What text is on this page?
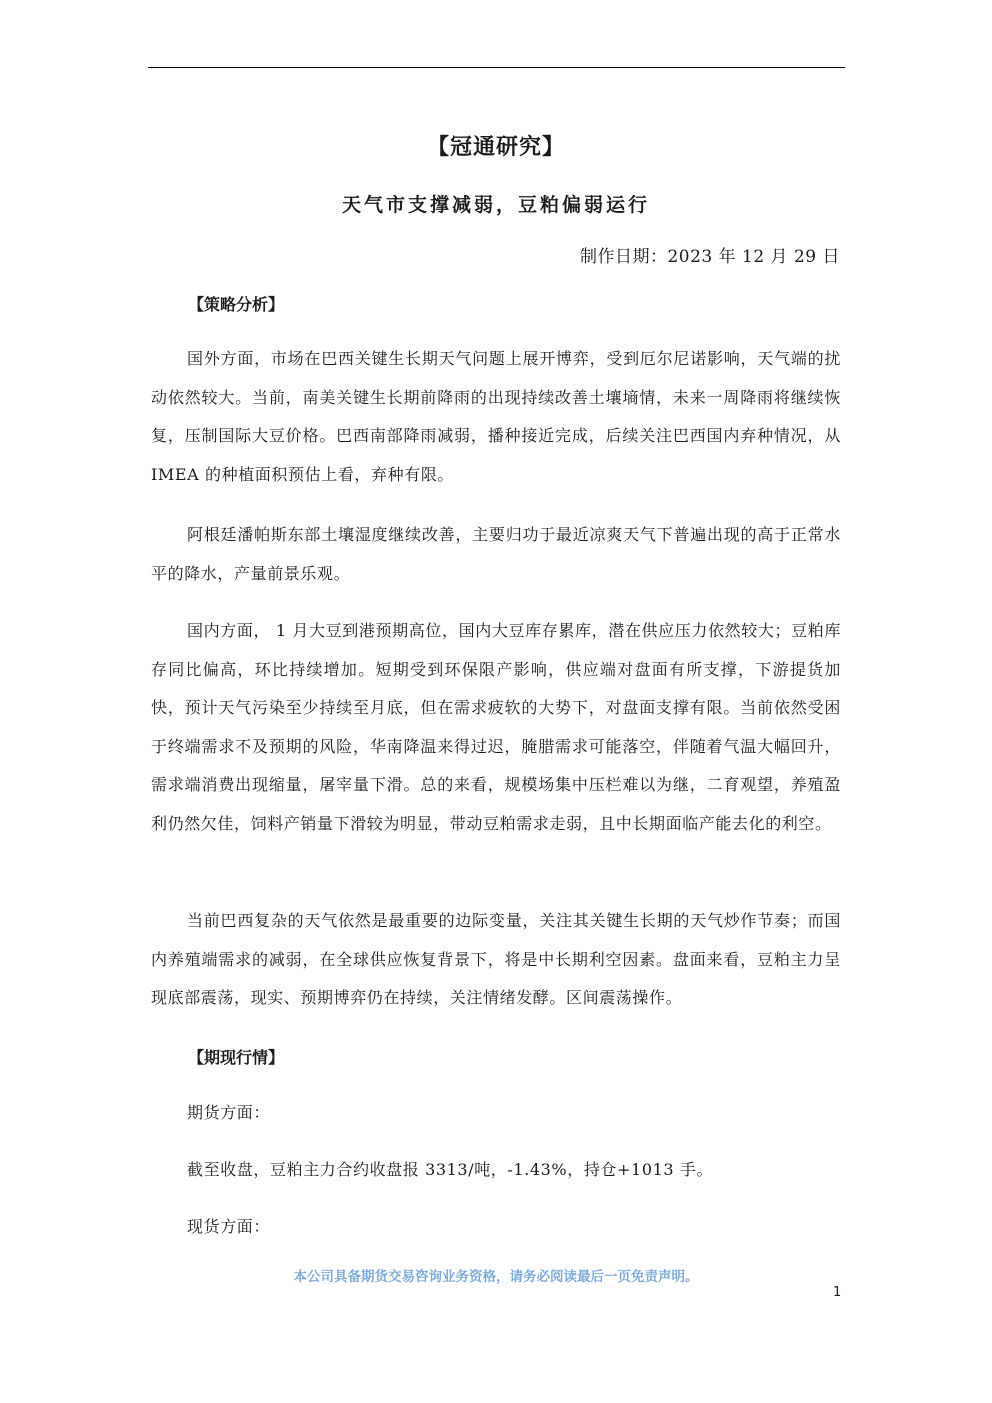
【冠通研究】
天气市支撑减弱，豆粕偏弱运行
制作日期：2023 年 12 月 29 日
【策略分析】

国外方面，市场在巴西关键生长期天气问题上展开博弈，受到厄尔尼诺影响，天气端的扰动依然较大。当前，南美关键生长期前降雨的出现持续改善土壤墒情，未来一周降雨将继续恢复，压制国际大豆价格。巴西南部降雨减弱，播种接近完成，后续关注巴西国内弃种情况，从 IMEA 的种植面积预估上看，弃种有限。

阿根廷潘帕斯东部土壤湿度继续改善，主要归功于最近凉爽天气下普遍出现的高于正常水平的降水，产量前景乐观。

国内方面， 1 月大豆到港预期高位，国内大豆库存累库，潜在供应压力依然较大；豆粕库存同比偏高，环比持续增加。短期受到环保限产影响，供应端对盘面有所支撑，下游提货加快，预计天气污染至少持续至月底，但在需求疲软的大势下，对盘面支撑有限。当前依然受困于终端需求不及预期的风险，华南降温来得过迟，腌腊需求可能落空，伴随着气温大幅回升，需求端消费出现缩量，屠宰量下滑。总的来看，规模场集中压栏难以为继，二育观望，养殖盈利仍然欠佳，饲料产销量下滑较为明显，带动豆粕需求走弱，且中长期面临产能去化的利空。

当前巴西复杂的天气依然是最重要的边际变量，关注其关键生长期的天气炒作节奏；而国内养殖端需求的减弱，在全球供应恢复背景下，将是中长期利空因素。盘面来看，豆粕主力呈现底部震荡，现实、预期博弈仍在持续，关注情绪发酵。区间震荡操作。

【期现行情】

期货方面：

截至收盘，豆粕主力合约收盘报 3313/吨，-1.43%，持仓+1013 手。

现货方面：

本公司具备期货交易咨询业务资格，请务必阅读最后一页免责声明。
1
